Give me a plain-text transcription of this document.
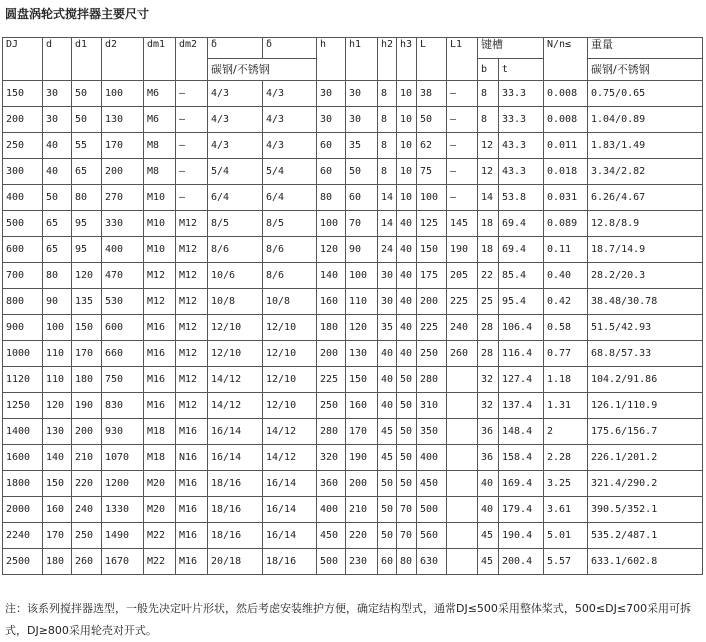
圆盘涡轮式搅拌器主要尺寸
DJ	d	d1	d2	dm1	dm2	δ	δ	h	h1	h2	h3	L	L1	键槽		N/n≤	重量
						碳钢/不锈钢								b	t		碳钢/不锈钢
150	30	50	100	M6	–	4/3	4/3	30	30	8	10	38	–	8	33.3	0.008	0.75/0.65
200	30	50	130	M6	–	4/3	4/3	30	30	8	10	50	–	8	33.3	0.008	1.04/0.89
250	40	55	170	M8	–	4/3	4/3	60	35	8	10	62	–	12	43.3	0.011	1.83/1.49
300	40	65	200	M8	–	5/4	5/4	60	50	8	10	75	–	12	43.3	0.018	3.34/2.82
400	50	80	270	M10	–	6/4	6/4	80	60	14	10	100	–	14	53.8	0.031	6.26/4.67
500	65	95	330	M10	M12	8/5	8/5	100	70	14	40	125	145	18	69.4	0.089	12.8/8.9
600	65	95	400	M10	M12	8/6	8/6	120	90	24	40	150	190	18	69.4	0.11	18.7/14.9
700	80	120	470	M12	M12	10/6	8/6	140	100	30	40	175	205	22	85.4	0.40	28.2/20.3
800	90	135	530	M12	M12	10/8	10/8	160	110	30	40	200	225	25	95.4	0.42	38.48/30.78
900	100	150	600	M16	M12	12/10	12/10	180	120	35	40	225	240	28	106.4	0.58	51.5/42.93
1000	110	170	660	M16	M12	12/10	12/10	200	130	40	40	250	260	28	116.4	0.77	68.8/57.33
1120	110	180	750	M16	M12	14/12	12/10	225	150	40	50	280		32	127.4	1.18	104.2/91.86
1250	120	190	830	M16	M12	14/12	12/10	250	160	40	50	310		32	137.4	1.31	126.1/110.9
1400	130	200	930	M18	M16	16/14	14/12	280	170	45	50	350		36	148.4	2	175.6/156.7
1600	140	210	1070	M18	N16	16/14	14/12	320	190	45	50	400		36	158.4	2.28	226.1/201.2
1800	150	220	1200	M20	M16	18/16	16/14	360	200	50	50	450		40	169.4	3.25	321.4/290.2
2000	160	240	1330	M20	M16	18/16	16/14	400	210	50	70	500		40	179.4	3.61	390.5/352.1
2240	170	250	1490	M22	M16	18/16	16/14	450	220	50	70	560		45	190.4	5.01	535.2/487.1
2500	180	260	1670	M22	M16	20/18	18/16	500	230	60	80	630		45	200.4	5.57	633.1/602.8
注：该系列搅拌器选型，一般先决定叶片形状，然后考虑安装维护方便，确定结构型式，通常DJ≤500采用整体桨式，500≤DJ≤700采用可拆式，DJ≥800采用轮壳对开式。
